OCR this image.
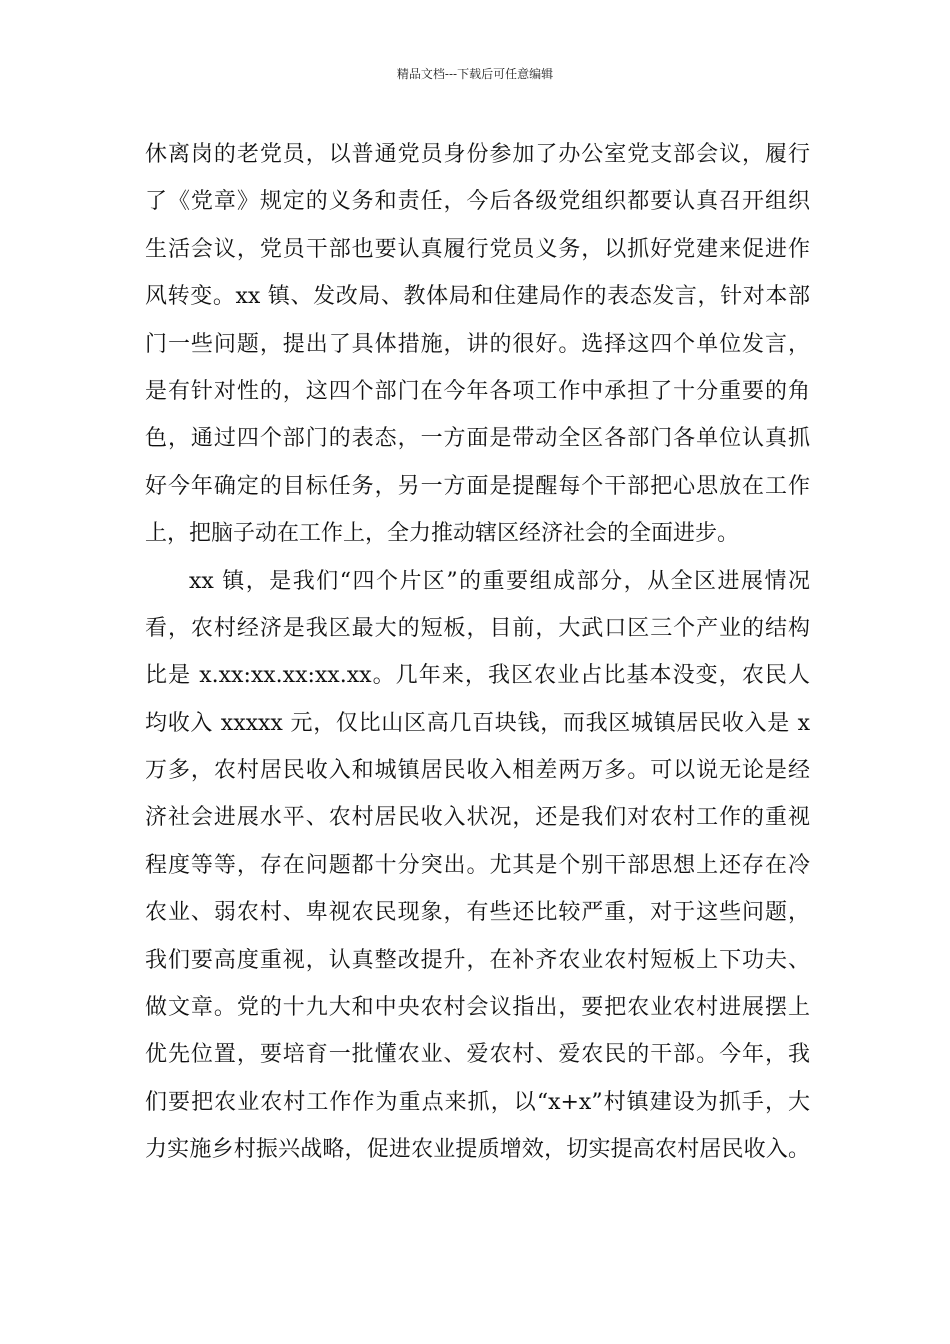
精品文档---下载后可任意编辑
休离岗的老党员，以普通党员身份参加了办公室党支部会议，履行
了《党章》规定的义务和责任，今后各级党组织都要认真召开组织
生活会议，党员干部也要认真履行党员义务，以抓好党建来促进作
风转变。xx 镇、发改局、教体局和住建局作的表态发言，针对本部
门一些问题，提出了具体措施，讲的很好。选择这四个单位发言，
是有针对性的，这四个部门在今年各项工作中承担了十分重要的角
色，通过四个部门的表态，一方面是带动全区各部门各单位认真抓
好今年确定的目标任务，另一方面是提醒每个干部把心思放在工作
上，把脑子动在工作上，全力推动辖区经济社会的全面进步。
xx 镇，是我们“四个片区”的重要组成部分，从全区进展情况
看，农村经济是我区最大的短板，目前，大武口区三个产业的结构
比是 x.xx:xx.xx:xx.xx。几年来，我区农业占比基本没变，农民人
均收入 xxxxx 元，仅比山区高几百块钱，而我区城镇居民收入是 x
万多，农村居民收入和城镇居民收入相差两万多。可以说无论是经
济社会进展水平、农村居民收入状况，还是我们对农村工作的重视
程度等等，存在问题都十分突出。尤其是个别干部思想上还存在冷
农业、弱农村、卑视农民现象，有些还比较严重，对于这些问题，
我们要高度重视，认真整改提升，在补齐农业农村短板上下功夫、
做文章。党的十九大和中央农村会议指出，要把农业农村进展摆上
优先位置，要培育一批懂农业、爱农村、爱农民的干部。今年，我
们要把农业农村工作作为重点来抓，以“x+x”村镇建设为抓手，大
力实施乡村振兴战略，促进农业提质增效，切实提高农村居民收入。
